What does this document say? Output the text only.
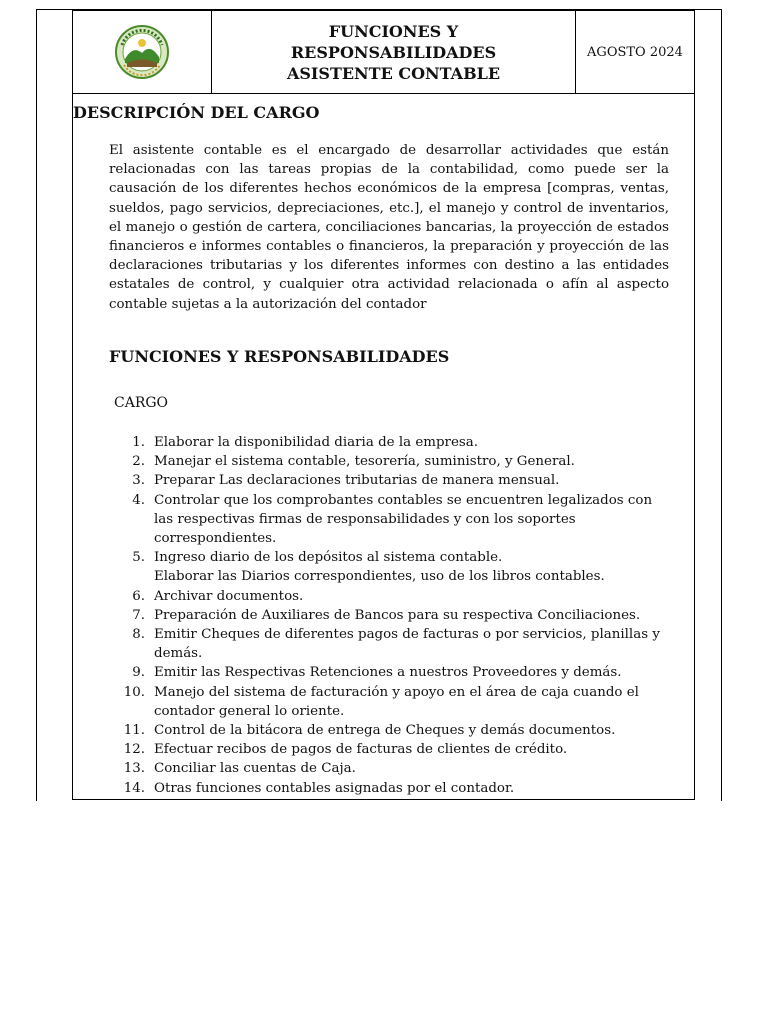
FUNCIONES Y
RESPONSABILIDADES
ASISTENTE CONTABLE
AGOSTO 2024
DESCRIPCIÓN DEL CARGO

El asistente contable es el encargado de desarrollar actividades que están relacionadas con las tareas propias de la contabilidad, como puede ser la causación de los diferentes hechos económicos de la empresa [compras, ventas, sueldos, pago servicios, depreciaciones, etc.], el manejo y control de inventarios, el manejo o gestión de cartera, conciliaciones bancarias, la proyección de estados financieros e informes contables o financieros, la preparación y proyección de las declaraciones tributarias y los diferentes informes con destino a las entidades estatales de control, y cualquier otra actividad relacionada o afín al aspecto contable sujetas a la autorización del contador

FUNCIONES Y RESPONSABILIDADES
CARGO
1. Elaborar la disponibilidad diaria de la empresa.
2. Manejar el sistema contable, tesorería, suministro, y General.
3. Preparar Las declaraciones tributarias de manera mensual.
4. Controlar que los comprobantes contables se encuentren legalizados con las respectivas firmas de responsabilidades y con los soportes correspondientes.
5. Ingreso diario de los depósitos al sistema contable.
Elaborar las Diarios correspondientes, uso de los libros contables.
6. Archivar documentos.
7. Preparación de Auxiliares de Bancos para su respectiva Conciliaciones.
8. Emitir Cheques de diferentes pagos de facturas o por servicios, planillas y demás.
9. Emitir las Respectivas Retenciones a nuestros Proveedores y demás.
10. Manejo del sistema de facturación y apoyo en el área de caja cuando el contador general lo oriente.
11. Control de la bitácora de entrega de Cheques y demás documentos.
12. Efectuar recibos de pagos de facturas de clientes de crédito.
13. Conciliar las cuentas de Caja.
14. Otras funciones contables asignadas por el contador.
